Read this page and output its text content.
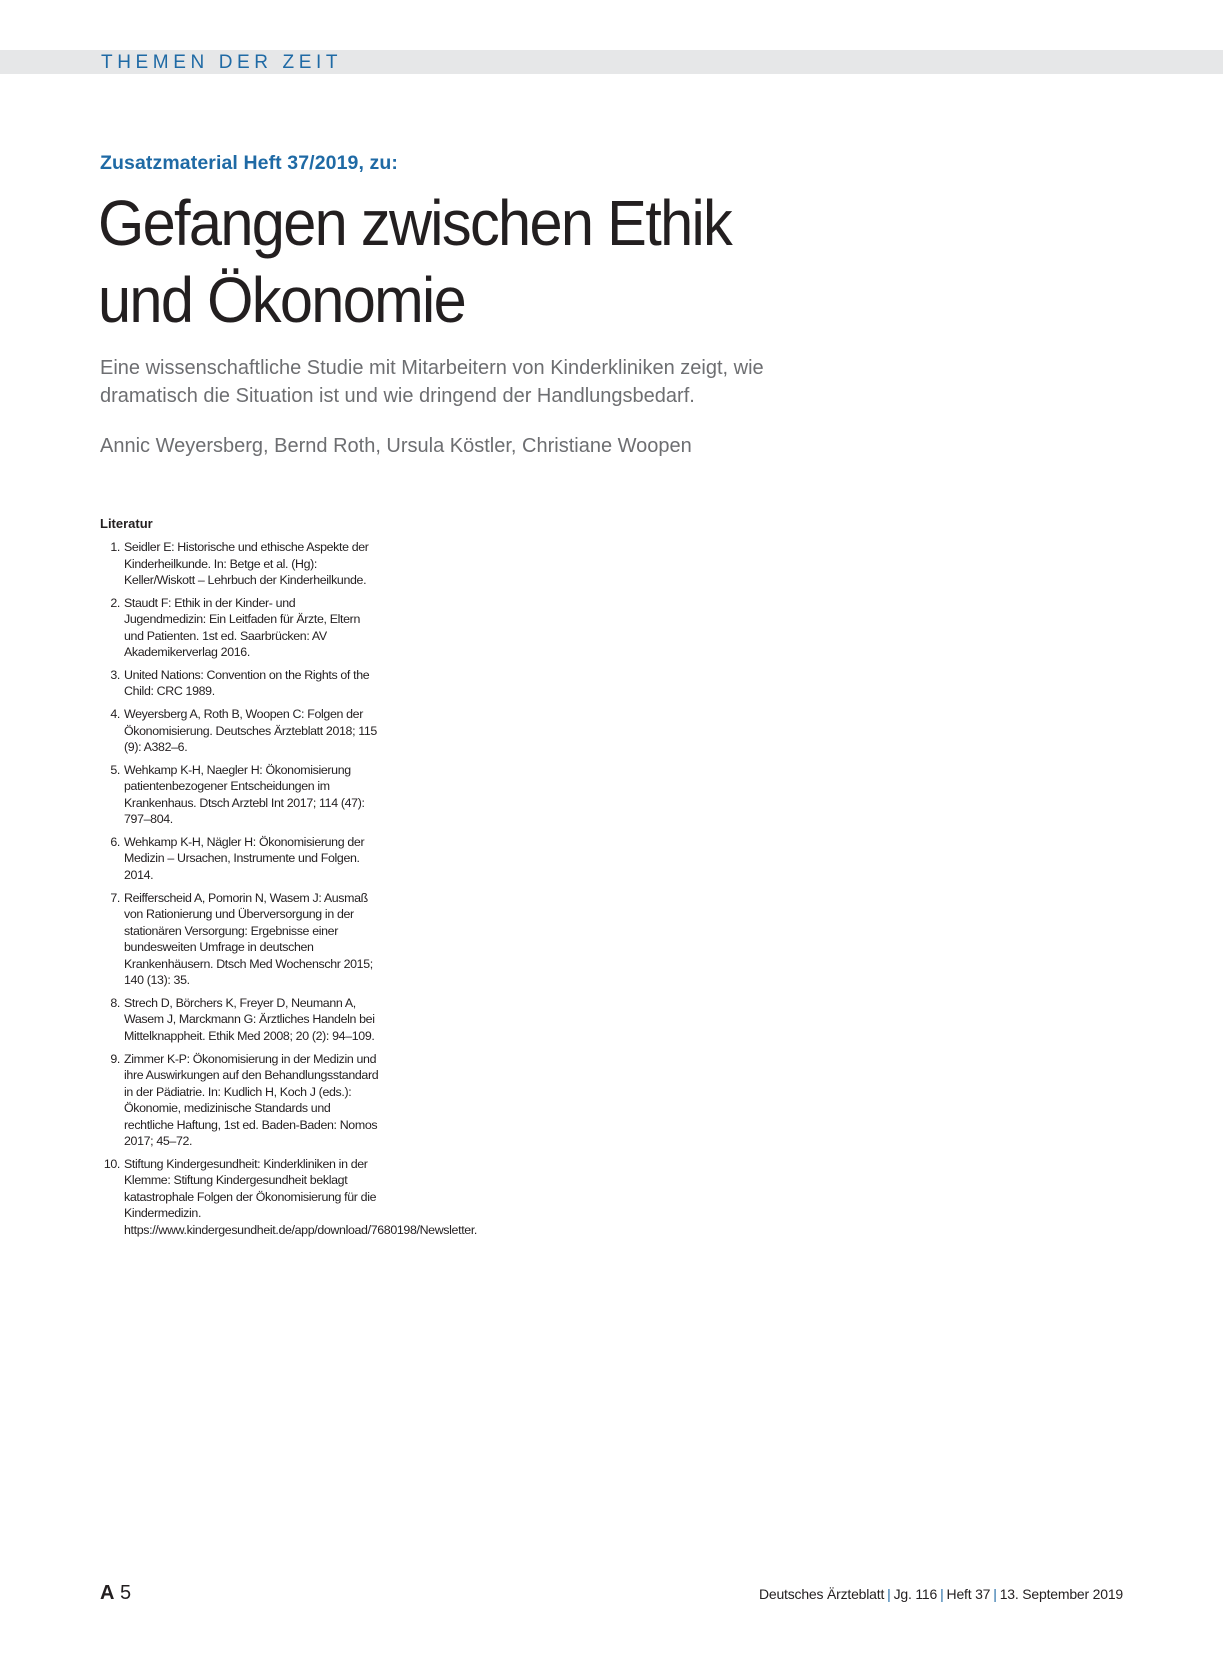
THEMEN DER ZEIT
Zusatzmaterial Heft 37/2019, zu:
Gefangen zwischen Ethik
und Ökonomie

Eine wissenschaftliche Studie mit Mitarbeitern von Kinderkliniken zeigt, wie dramatisch die Situation ist und wie dringend der Handlungsbedarf.

Annic Weyersberg, Bernd Roth, Ursula Köstler, Christiane Woopen
Literatur
1. Seidler E: Historische und ethische Aspekte der Kinderheilkunde. In: Betge et al. (Hg): Keller/Wiskott – Lehrbuch der Kinderheilkunde.
2. Staudt F: Ethik in der Kinder- und Jugendmedizin: Ein Leitfaden für Ärzte, Eltern und Patienten. 1st ed. Saarbrücken: AV Akademikerverlag 2016.
3. United Nations: Convention on the Rights of the Child: CRC 1989.
4. Weyersberg A, Roth B, Woopen C: Folgen der Ökonomisierung. Deutsches Ärzteblatt 2018; 115 (9): A382–6.
5. Wehkamp K-H, Naegler H: Ökonomisierung patientenbezogener Entscheidungen im Krankenhaus. Dtsch Arztebl Int 2017; 114 (47): 797–804.
6. Wehkamp K-H, Nägler H: Ökonomisierung der Medizin – Ursachen, Instrumente und Folgen. 2014.
7. Reifferscheid A, Pomorin N, Wasem J: Ausmaß von Rationierung und Überversorgung in der stationären Versorgung: Ergebnisse einer bundesweiten Umfrage in deutschen Krankenhäusern. Dtsch Med Wochenschr 2015; 140 (13): 35.
8. Strech D, Börchers K, Freyer D, Neumann A, Wasem J, Marckmann G: Ärztliches Handeln bei Mittelknappheit. Ethik Med 2008; 20 (2): 94–109.
9. Zimmer K-P: Ökonomisierung in der Medizin und ihre Auswirkungen auf den Behandlungsstandard in der Pädiatrie. In: Kudlich H, Koch J (eds.): Ökonomie, medizinische Standards und rechtliche Haftung, 1st ed. Baden-Baden: Nomos 2017; 45–72.
10. Stiftung Kindergesundheit: Kinderkliniken in der Klemme: Stiftung Kindergesundheit beklagt katastrophale Folgen der Ökonomisierung für die Kindermedizin. https://www.kindergesundheit.de/app/download/7680198/Newsletter.
A 5	Deutsches Ärzteblatt | Jg. 116 | Heft 37 | 13. September 2019
